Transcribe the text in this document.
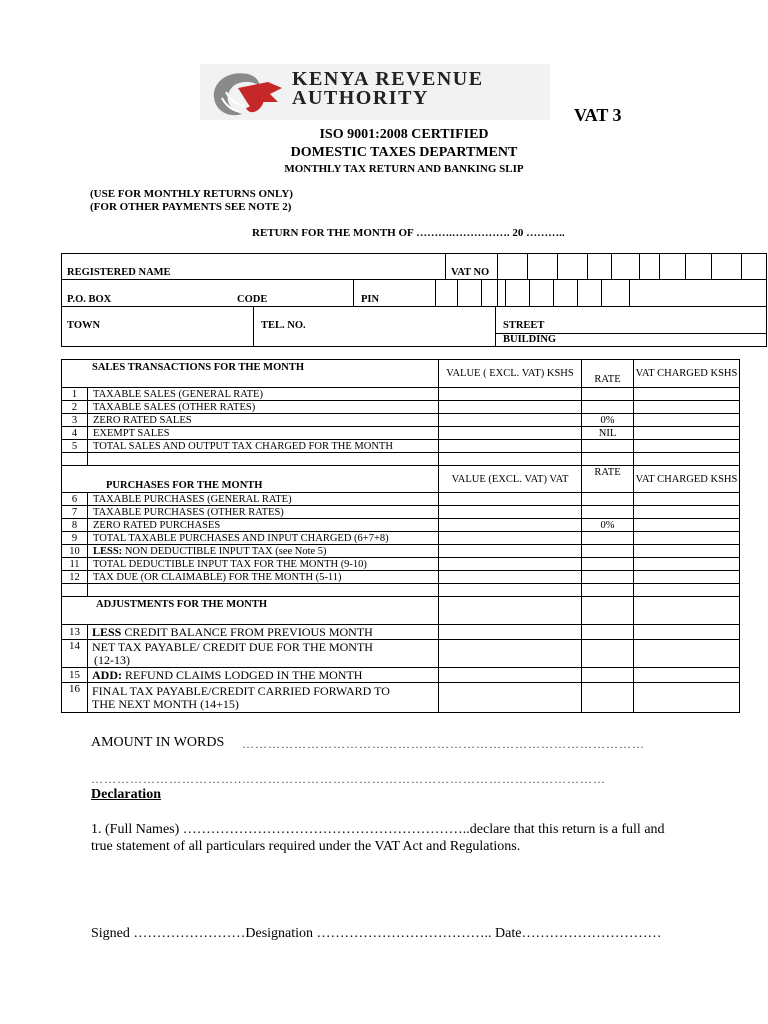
KENYA REVENUE
AUTHORITY
VAT 3
ISO 9001:2008 CERTIFIED
DOMESTIC TAXES DEPARTMENT
MONTHLY TAX RETURN AND BANKING SLIP
(USE FOR MONTHLY RETURNS ONLY)
(FOR OTHER PAYMENTS SEE NOTE 2)
RETURN FOR THE MONTH OF ……….……………. 20 ………..
REGISTERED NAME	VAT NO
P.O. BOX	CODE	PIN
TOWN	TEL. NO.	STREET
BUILDING
SALES TRANSACTIONS FOR THE MONTH		VALUE ( EXCL. VAT) KSHS	RATE	VAT CHARGED KSHS
1	TAXABLE SALES (GENERAL RATE)			
2	TAXABLE SALES (OTHER RATES)			
3	ZERO RATED SALES		0%	
4	EXEMPT SALES		NIL	
5	TOTAL SALES AND OUTPUT TAX CHARGED FOR THE MONTH			

PURCHASES FOR THE MONTH		VALUE (EXCL. VAT) VAT	RATE	VAT CHARGED KSHS
6	TAXABLE PURCHASES (GENERAL RATE)			
7	TAXABLE PURCHASES (OTHER RATES)			
8	ZERO RATED PURCHASES		0%	
9	TOTAL TAXABLE PURCHASES AND INPUT CHARGED (6+7+8)			
10	LESS: NON DEDUCTIBLE INPUT TAX (see Note 5)			
11	TOTAL DEDUCTIBLE INPUT TAX FOR THE MONTH (9-10)			
12	TAX DUE (OR CLAIMABLE) FOR THE MONTH (5-11)			

ADJUSTMENTS FOR THE MONTH				
13	LESS CREDIT BALANCE FROM PREVIOUS MONTH			
14	NET TAX PAYABLE/ CREDIT DUE FOR THE MONTH
(12-13)			

15	ADD: REFUND CLAIMS LODGED IN THE MONTH			
16	FINAL TAX PAYABLE/CREDIT CARRIED FORWARD TO
THE NEXT MONTH (14+15)			

AMOUNT IN WORDS …………………………………………………………………………………
……………………………..…………………………………………………………………………
Declaration
1. (Full Names) ……………………………………………………..declare that this return is a full and
true statement of all particulars required under the VAT Act and Regulations.
Signed ……………………Designation ……………………………….. Date…………………………
